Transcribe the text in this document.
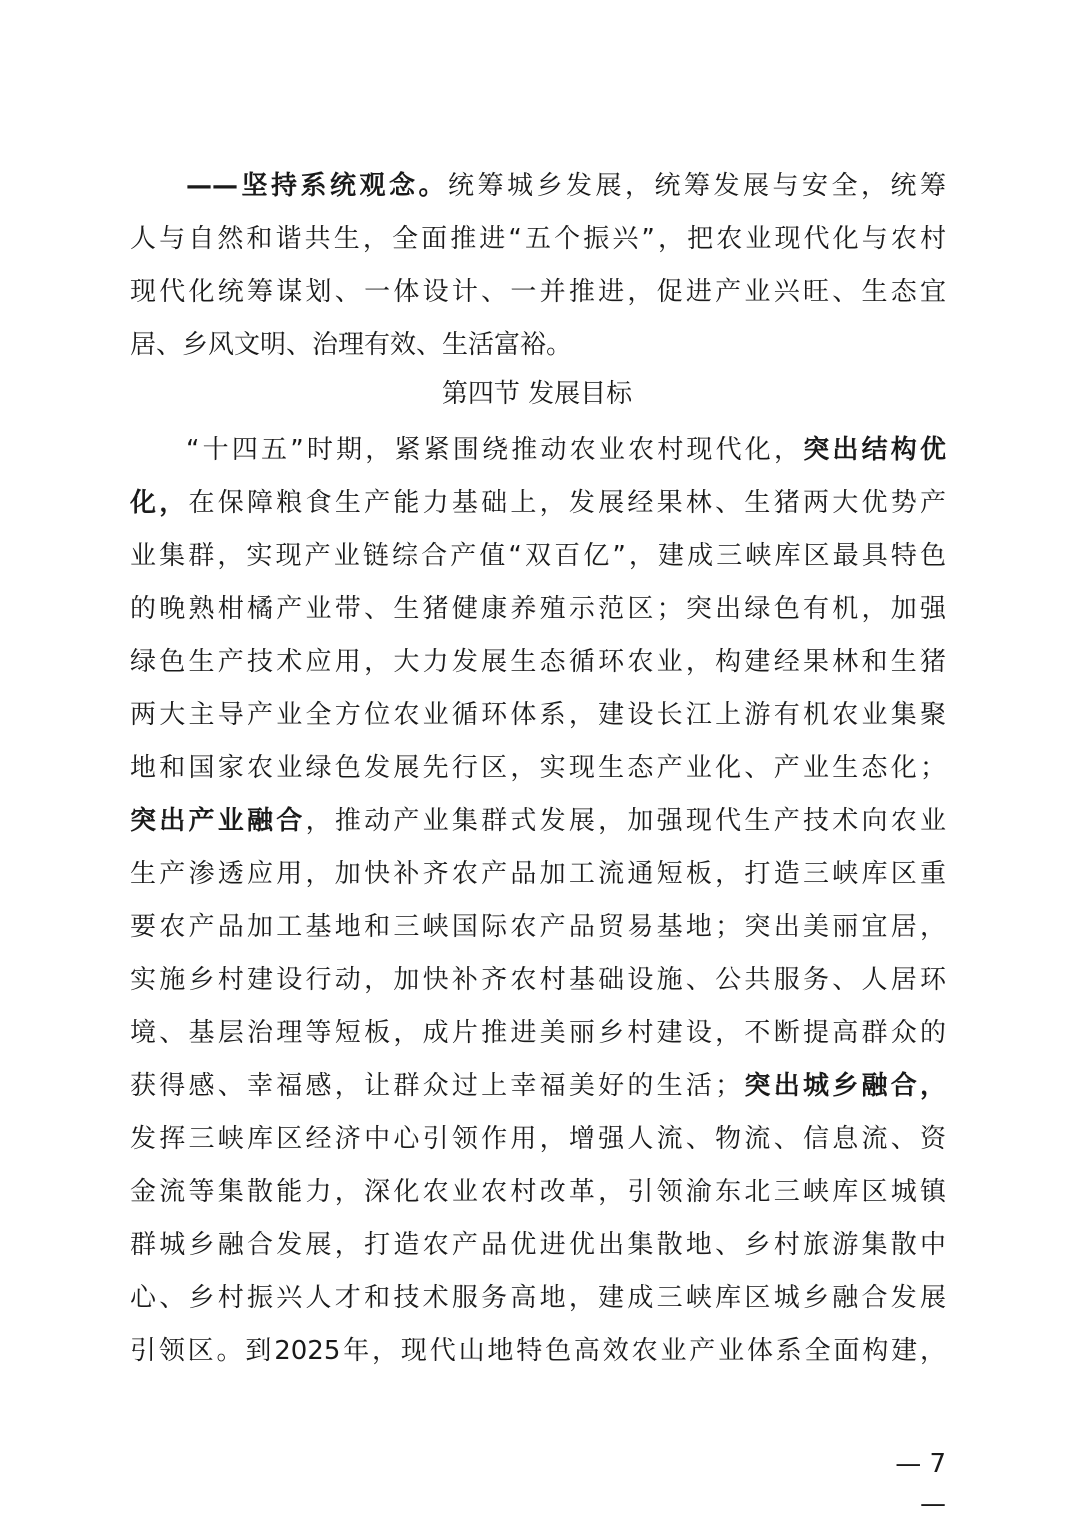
——坚持系统观念。统筹城乡发展，统筹发展与安全，统筹
人与自然和谐共生，全面推进“五个振兴”，把农业现代化与农村
现代化统筹谋划、一体设计、一并推进，促进产业兴旺、生态宜
居、乡风文明、治理有效、生活富裕。
第四节 发展目标
“十四五”时期，紧紧围绕推动农业农村现代化，突出结构优
化，在保障粮食生产能力基础上，发展经果林、生猪两大优势产
业集群，实现产业链综合产值“双百亿”，建成三峡库区最具特色
的晚熟柑橘产业带、生猪健康养殖示范区；突出绿色有机，加强
绿色生产技术应用，大力发展生态循环农业，构建经果林和生猪
两大主导产业全方位农业循环体系，建设长江上游有机农业集聚
地和国家农业绿色发展先行区，实现生态产业化、产业生态化；
突出产业融合，推动产业集群式发展，加强现代生产技术向农业
生产渗透应用，加快补齐农产品加工流通短板，打造三峡库区重
要农产品加工基地和三峡国际农产品贸易基地；突出美丽宜居，
实施乡村建设行动，加快补齐农村基础设施、公共服务、人居环
境、基层治理等短板，成片推进美丽乡村建设，不断提高群众的
获得感、幸福感，让群众过上幸福美好的生活；突出城乡融合，
发挥三峡库区经济中心引领作用，增强人流、物流、信息流、资
金流等集散能力，深化农业农村改革，引领渝东北三峡库区城镇
群城乡融合发展，打造农产品优进优出集散地、乡村旅游集散中
心、乡村振兴人才和技术服务高地，建成三峡库区城乡融合发展
引领区。到2025年，现代山地特色高效农业产业体系全面构建，
— 7 —
